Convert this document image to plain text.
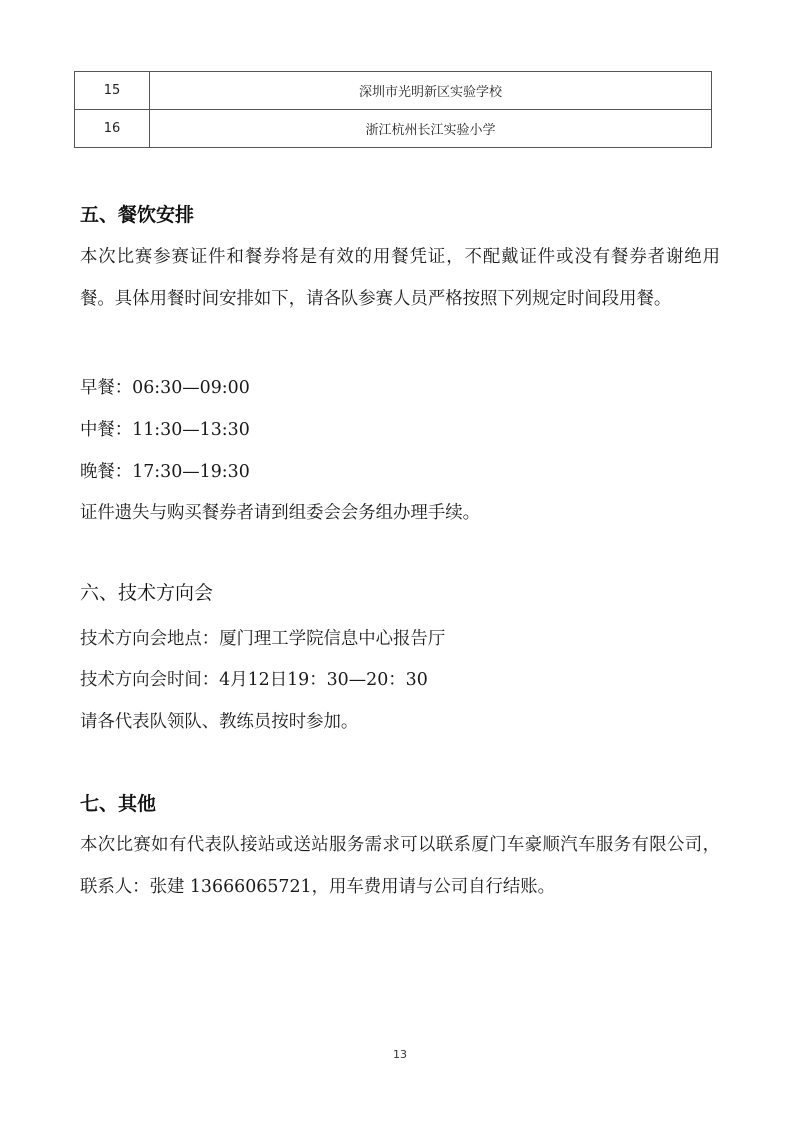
15	深圳市光明新区实验学校
16	浙江杭州长江实验小学
五、餐饮安排

本次比赛参赛证件和餐券将是有效的用餐凭证，不配戴证件或没有餐券者谢绝用餐。具体用餐时间安排如下，请各队参赛人员严格按照下列规定时间段用餐。

早餐：06:30—09:00

中餐：11:30—13:30

晚餐：17:30—19:30

证件遗失与购买餐券者请到组委会会务组办理手续。

六、技术方向会

技术方向会地点：厦门理工学院信息中心报告厅

技术方向会时间：4月12日19：30—20：30

请各代表队领队、教练员按时参加。

七、其他

本次比赛如有代表队接站或送站服务需求可以联系厦门车豪顺汽车服务有限公司，联系人：张建 13666065721，用车费用请与公司自行结账。

13
